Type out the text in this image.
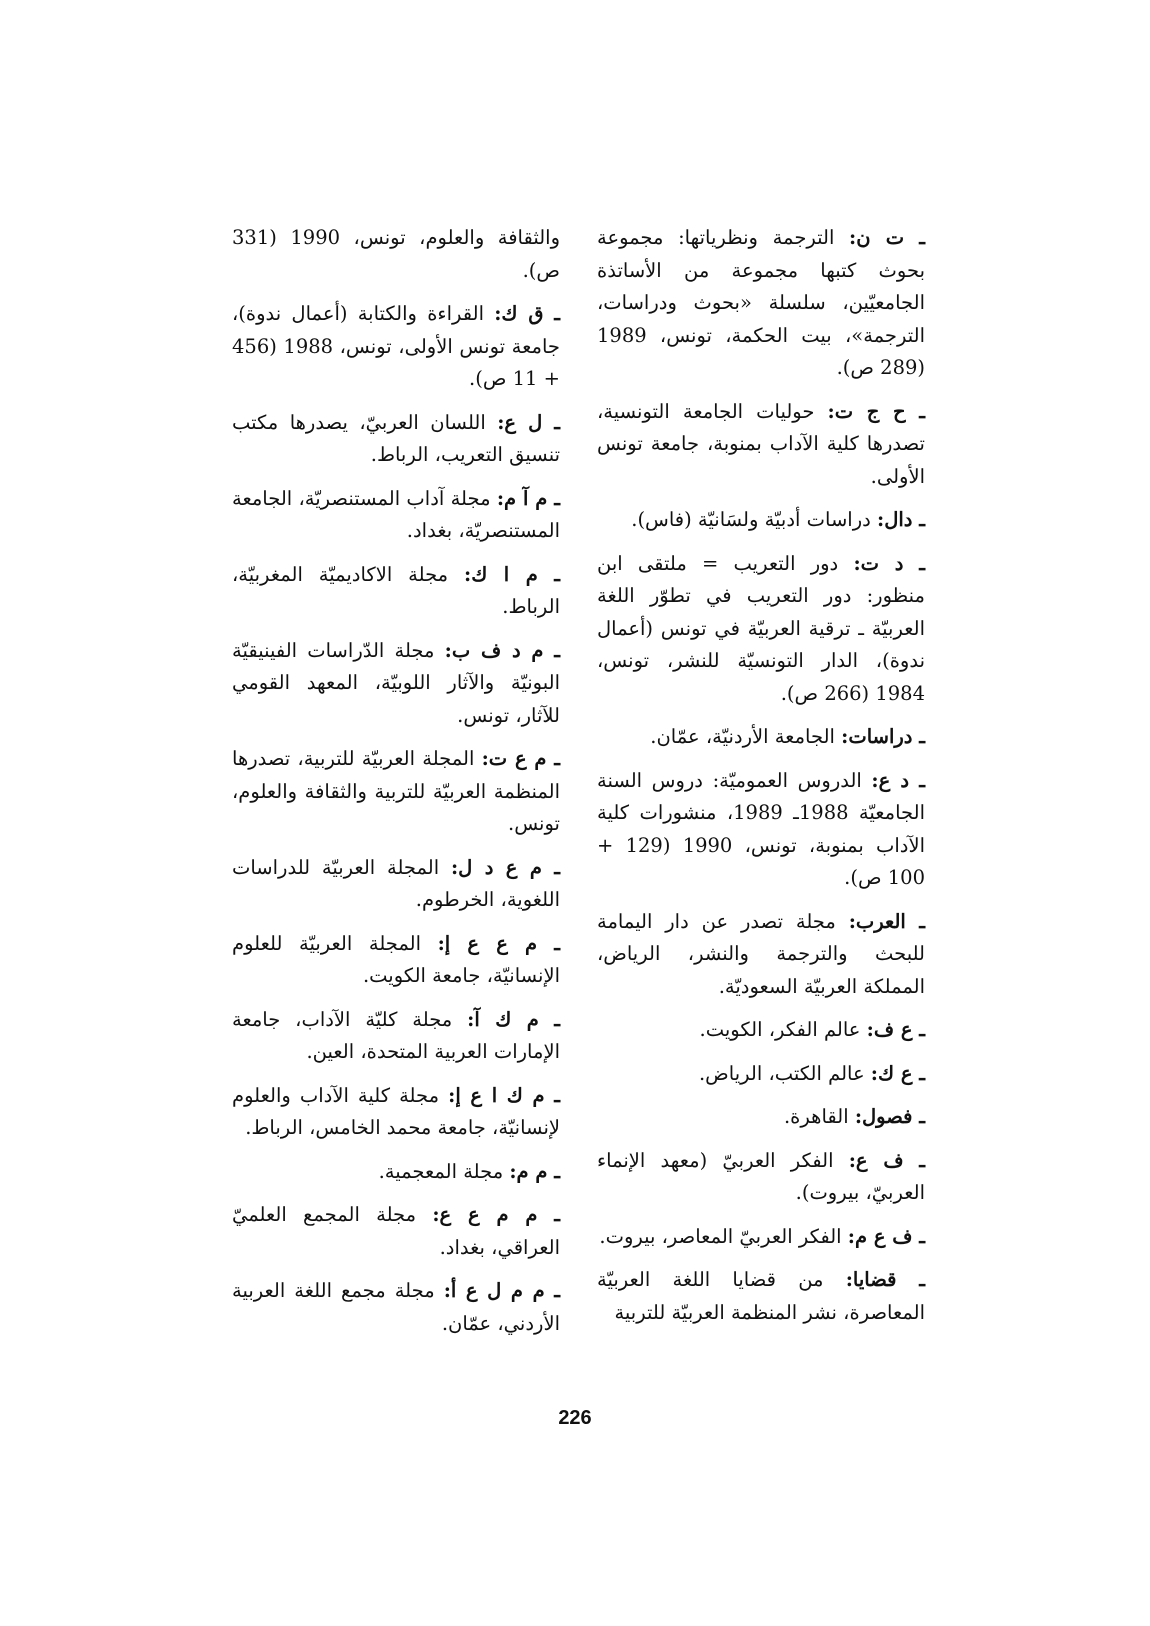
ـ ت ن: الترجمة ونظرياتها: مجموعة بحوث كتبها مجموعة من الأساتذة الجامعيّين، سلسلة «بحوث ودراسات، الترجمة»، بيت الحكمة، تونس، 1989 (289 ص).

ـ ح ج ت: حوليات الجامعة التونسية، تصدرها كلية الآداب بمنوبة، جامعة تونس الأولى.

ـ دال: دراسات أدبيّة ولسَانيّة (فاس).

ـ د ت: دور التعريب = ملتقى ابن منظور: دور التعريب في تطوّر اللغة العربيّة ـ ترقية العربيّة في تونس (أعمال ندوة)، الدار التونسيّة للنشر، تونس، 1984 (266 ص).

ـ دراسات: الجامعة الأردنيّة، عمّان.

ـ د ع: الدروس العموميّة: دروس السنة الجامعيّة 1988ـ 1989، منشورات كلية الآداب بمنوبة، تونس، 1990 (129 + 100 ص).

ـ العرب: مجلة تصدر عن دار اليمامة للبحث والترجمة والنشر، الرياض، المملكة العربيّة السعوديّة.

ـ ع ف: عالم الفكر، الكويت.

ـ ع ك: عالم الكتب، الرياض.

ـ فصول: القاهرة.

ـ ف ع: الفكر العربيّ (معهد الإنماء العربيّ، بيروت).

ـ ف ع م: الفكر العربيّ المعاصر، بيروت.

ـ قضايا: من قضايا اللغة العربيّة المعاصرة، نشر المنظمة العربيّة للتربية

والثقافة والعلوم، تونس، 1990 (331 ص).

ـ ق ك: القراءة والكتابة (أعمال ندوة)، جامعة تونس الأولى، تونس، 1988 (456 + 11 ص).

ـ ل ع: اللسان العربيّ، يصدرها مكتب تنسيق التعريب، الرباط.

ـ م آ م: مجلة آداب المستنصريّة، الجامعة المستنصريّة، بغداد.

ـ م ا ك: مجلة الاكاديميّة المغربيّة، الرباط.

ـ م د ف ب: مجلة الدّراسات الفينيقيّة البونيّة والآثار اللوبيّة، المعهد القومي للآثار، تونس.

ـ م ع ت: المجلة العربيّة للتربية، تصدرها المنظمة العربيّة للتربية والثقافة والعلوم، تونس.

ـ م ع د ل: المجلة العربيّة للدراسات اللغوية، الخرطوم.

ـ م ع ع إ: المجلة العربيّة للعلوم الإنسانيّة، جامعة الكويت.

ـ م ك آ: مجلة كليّة الآداب، جامعة الإمارات العربية المتحدة، العين.

ـ م ك ا ع إ: مجلة كلية الآداب والعلوم لإنسانيّة، جامعة محمد الخامس، الرباط.

ـ م م: مجلة المعجمية.

ـ م م ع ع: مجلة المجمع العلميّ العراقي، بغداد.

ـ م م ل ع أ: مجلة مجمع اللغة العربية الأردني، عمّان.

226
